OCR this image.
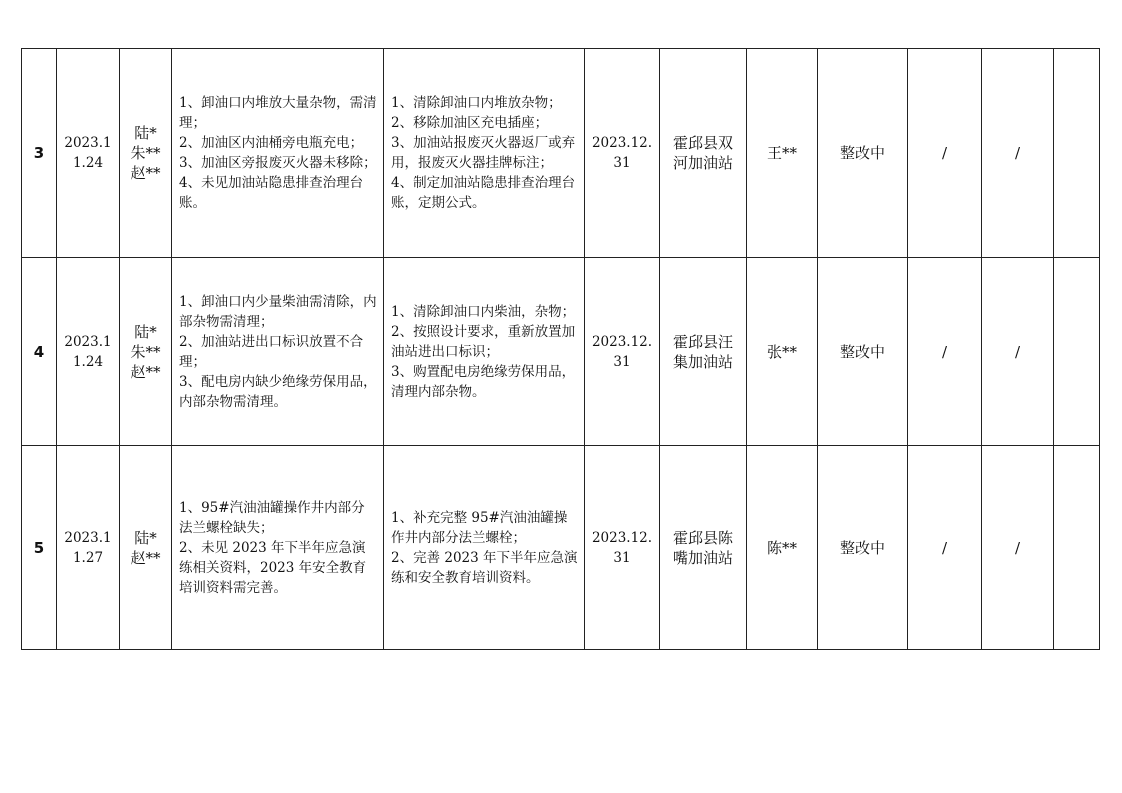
3	2023.1
1.24	陆*
朱**
赵**	1、卸油口内堆放大量杂物，需清理；
2、加油区内油桶旁电瓶充电；
3、加油区旁报废灭火器未移除；
4、未见加油站隐患排查治理台账。	1、清除卸油口内堆放杂物；
2、移除加油区充电插座；
3、加油站报废灭火器返厂或弃用，报废灭火器挂牌标注；
4、制定加油站隐患排查治理台账，定期公式。	2023.12.
31	霍邱县双
河加油站	王**	整改中	/	/	
4	2023.1
1.24	陆*
朱**
赵**	1、卸油口内少量柴油需清除，内部杂物需清理；
2、加油站进出口标识放置不合理；
3、配电房内缺少绝缘劳保用品，内部杂物需清理。	1、清除卸油口内柴油，杂物；
2、按照设计要求，重新放置加油站进出口标识；
3、购置配电房绝缘劳保用品，清理内部杂物。	2023.12.
31	霍邱县汪
集加油站	张**	整改中	/	/	
5	2023.1
1.27	陆*
赵**	1、95#汽油油罐操作井内部分法兰螺栓缺失；
2、未见 2023 年下半年应急演练相关资料，2023 年安全教育培训资料需完善。	1、补充完整 95#汽油油罐操作井内部分法兰螺栓；
2、完善 2023 年下半年应急演练和安全教育培训资料。	2023.12.
31	霍邱县陈
嘴加油站	陈**	整改中	/	/	
